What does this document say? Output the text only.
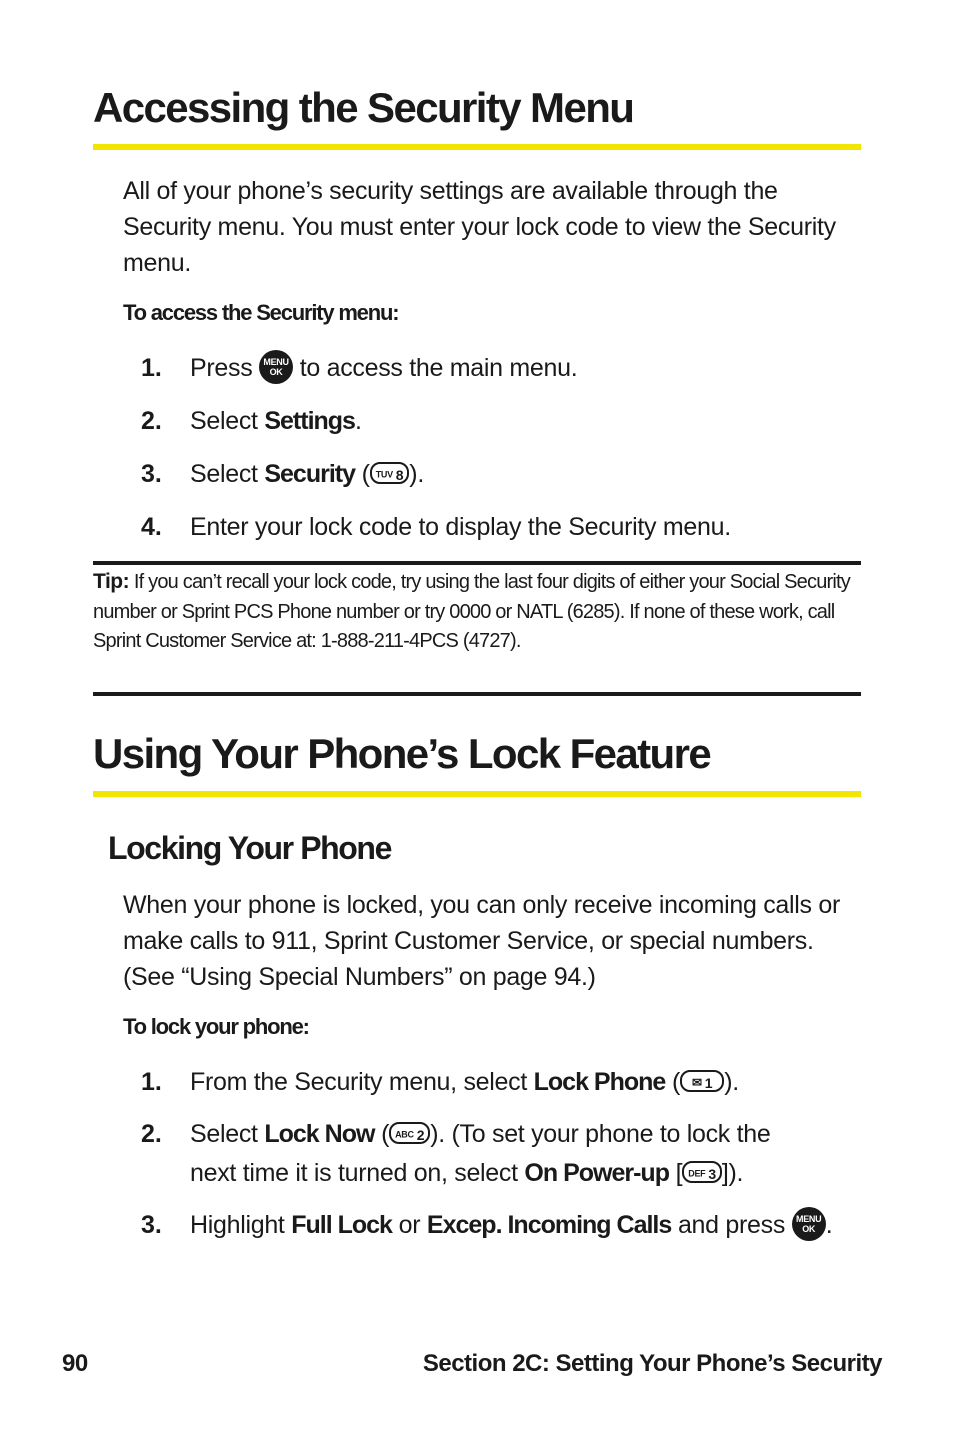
Accessing the Security Menu

All of your phone’s security settings are available through the Security menu. You must enter your lock code to view the Security menu.

To access the Security menu:

1. Press MENU
OK to access the main menu.
2. Select Settings.
3. Select Security ( TUV 8 ).
4. Enter your lock code to display the Security menu.

Tip: If you can’t recall your lock code, try using the last four digits of either your Social Security number or Sprint PCS Phone number or try 0000 or NATL (6285). If none of these work, call Sprint Customer Service at: 1-888-211-4PCS (4727).

Using Your Phone’s Lock Feature
Locking Your Phone

When your phone is locked, you can only receive incoming calls or make calls to 911, Sprint Customer Service, or special numbers. (See “Using Special Numbers” on page 94.)

To lock your phone:

1. From the Security menu, select Lock Phone ( ✉ 1 ).
2. Select Lock Now ( ABC 2 ). (To set your phone to lock the
next time it is turned on, select On Power-up [ DEF 3 ]).
3. Highlight Full Lock or Excep. Incoming Calls and press MENU
OK .
90	Section 2C: Setting Your Phone’s Security
